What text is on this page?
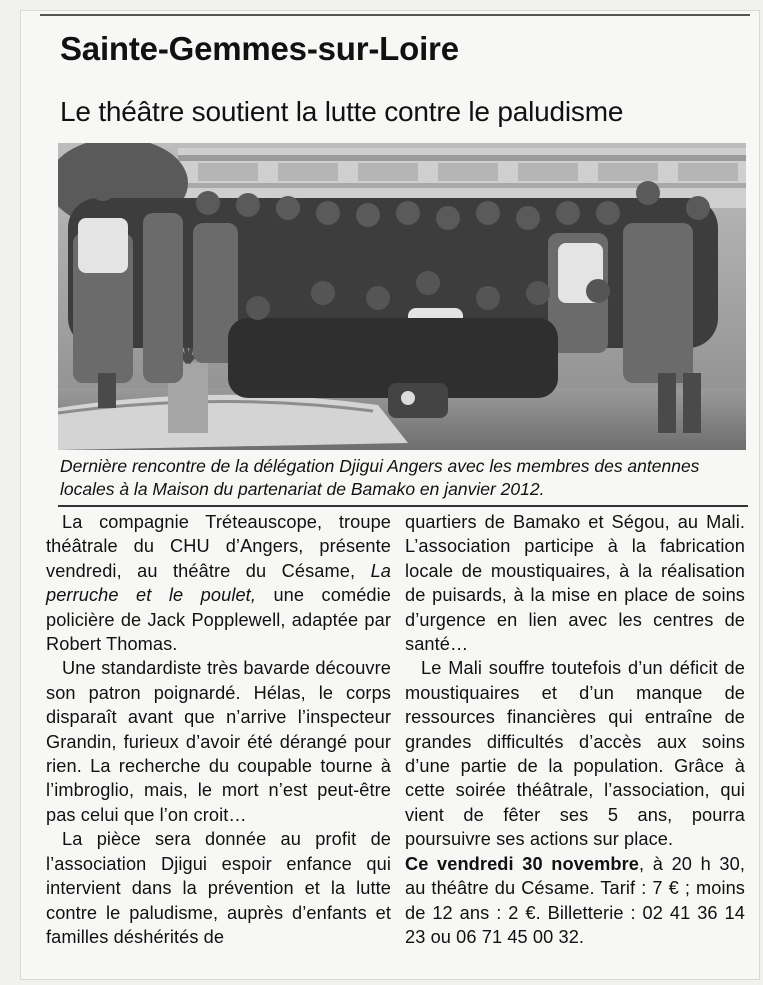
Sainte-Gemmes-sur-Loire
Le théâtre soutient la lutte contre le paludisme
Dernière rencontre de la délégation Djigui Angers avec les membres des antennes locales à la Maison du partenariat de Bamako en janvier 2012.

La compagnie Tréteauscope, troupe théâtrale du CHU d’Angers, présente vendredi, au théâtre du Césame, La perruche et le poulet, une comédie policière de Jack Popplewell, adaptée par Robert Thomas.

Une standardiste très bavarde découvre son patron poignardé. Hélas, le corps disparaît avant que n’arrive l’inspecteur Grandin, furieux d’avoir été dérangé pour rien. La recherche du coupable tourne à l’imbroglio, mais, le mort n’est peut-être pas celui que l’on croit…

La pièce sera donnée au profit de l’association Djigui espoir enfance qui intervient dans la prévention et la lutte contre le paludisme, auprès d’enfants et familles déshérités de

quartiers de Bamako et Ségou, au Mali. L’association participe à la fabrication locale de moustiquaires, à la réalisation de puisards, à la mise en place de soins d’urgence en lien avec les centres de santé…

Le Mali souffre toutefois d’un déficit de moustiquaires et d’un manque de ressources financières qui entraîne de grandes difficultés d’accès aux soins d’une partie de la population. Grâce à cette soirée théâtrale, l’association, qui vient de fêter ses 5 ans, pourra poursuivre ses actions sur place.

Ce vendredi 30 novembre, à 20 h 30, au théâtre du Césame. Tarif : 7 € ; moins de 12 ans : 2 €. Billetterie : 02 41 36 14 23 ou 06 71 45 00 32.
